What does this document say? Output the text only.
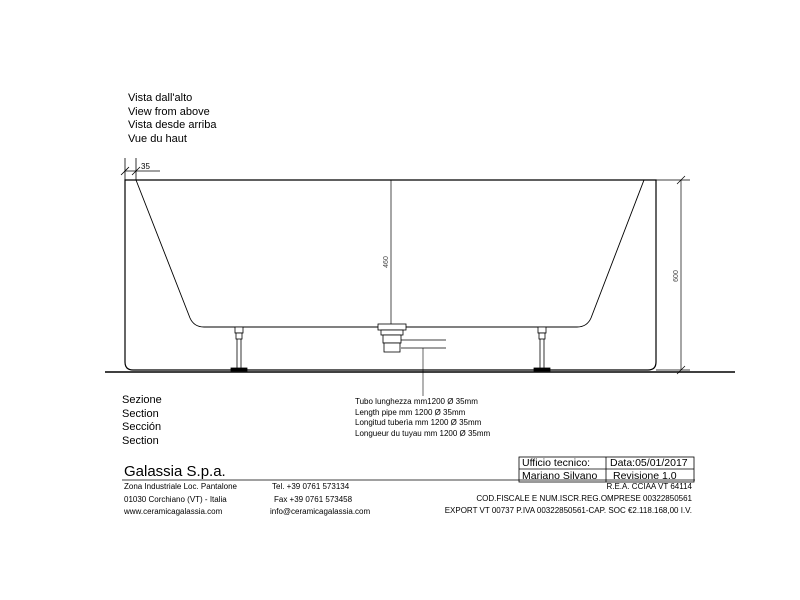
35
460
600
Vista dall'alto
View from above
Vista desde arriba
Vue du haut
Sezione
Section
Sección
Section
Tubo lunghezza mm1200 Ø 35mm
Length pipe mm 1200 Ø 35mm
Longitud tuberìa mm 1200 Ø 35mm
Longueur du tuyau mm 1200 Ø 35mm
Galassia S.p.a.
Zona Industriale Loc. Pantalone
01030 Corchiano (VT) - Italia
www.ceramicagalassia.com
Tel. +39 0761 573134
Fax +39 0761 573458
info@ceramicagalassia.com
Ufficio tecnico: Data:05/01/2017
Mariano Silvano Revisione 1.0
R.E.A. CCIAA VT 64114
COD.FISCALE E NUM.ISCR.REG.OMPRESE 00322850561
EXPORT VT 00737 P.IVA 00322850561-CAP. SOC €2.118.168,00 I.V.
